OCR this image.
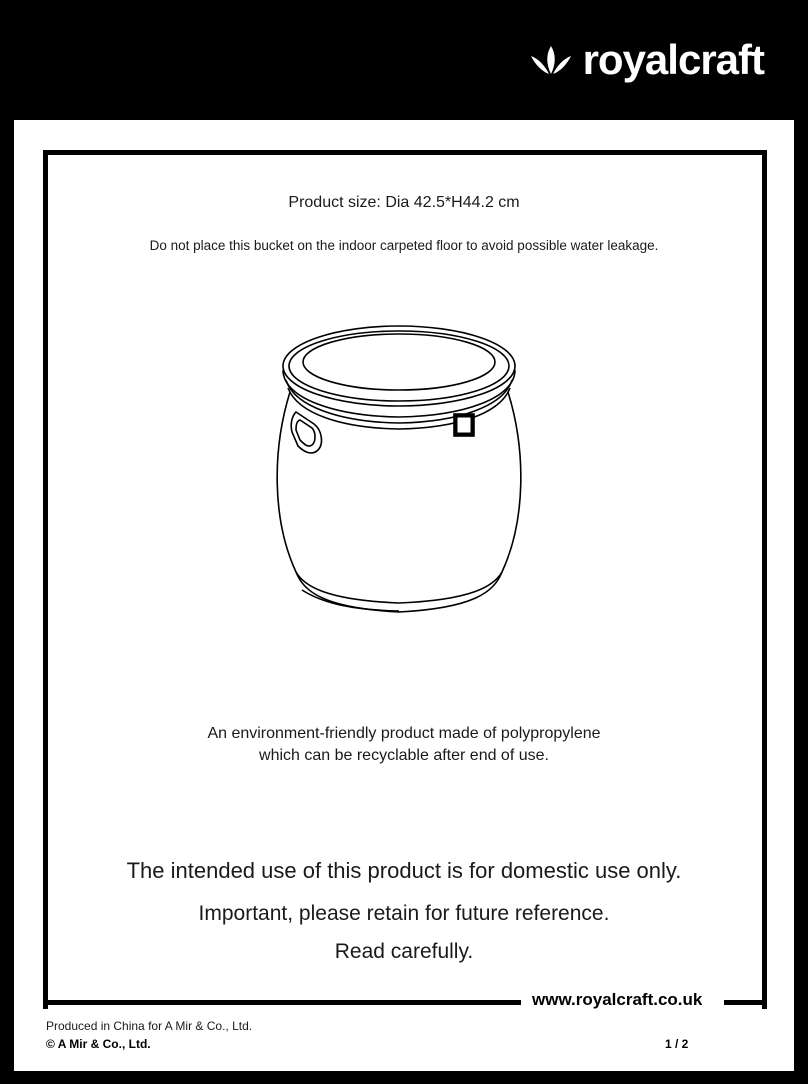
royalcraft
Product size: Dia 42.5*H44.2 cm
Do not place this bucket on the indoor carpeted floor to avoid possible water leakage.
An environment-friendly product made of polypropylene
which can be recyclable after end of use.
The intended use of this product is for domestic use only.
Important, please retain for future reference.
Read carefully.
www.royalcraft.co.uk
Produced in China for A Mir & Co., Ltd.
© A Mir & Co., Ltd.	1 / 2
